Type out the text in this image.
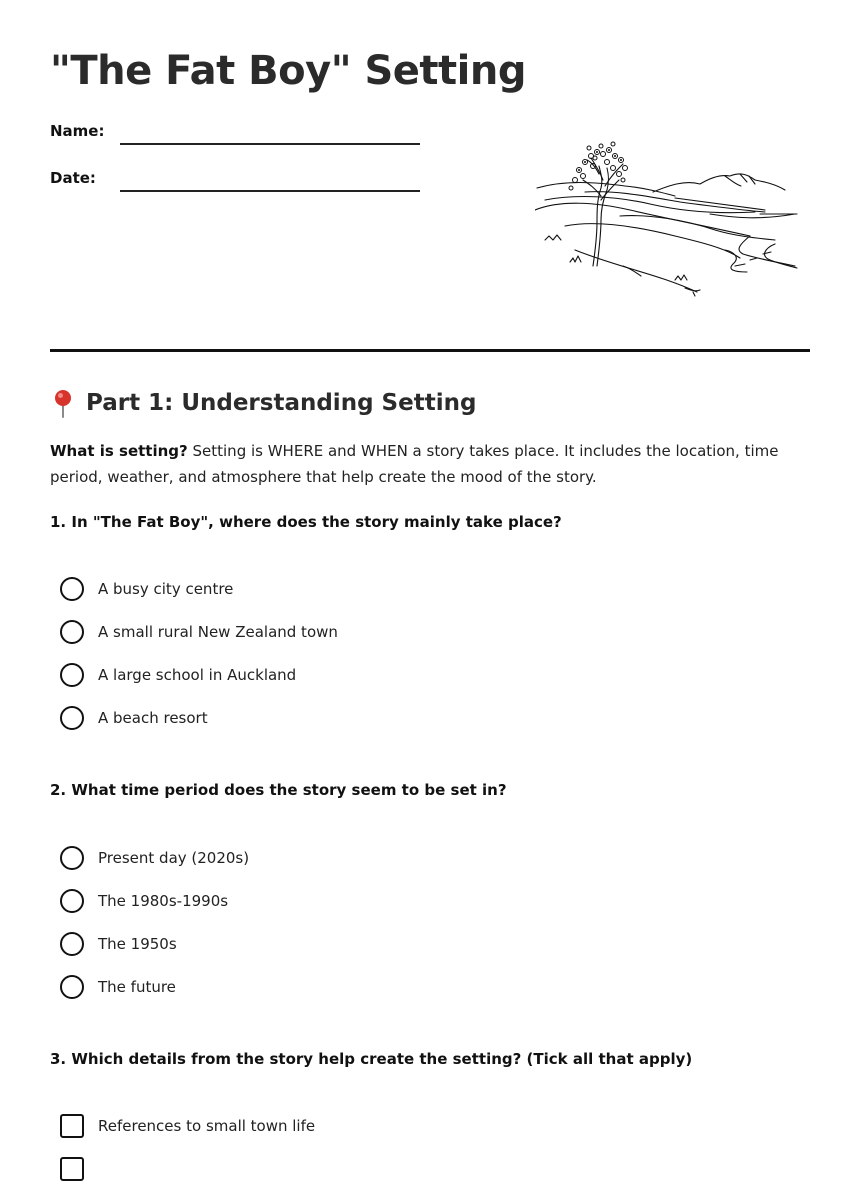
"The Fat Boy" Setting
Name:
Date:
Part 1: Understanding Setting

What is setting? Setting is WHERE and WHEN a story takes place. It includes the location, time period, weather, and atmosphere that help create the mood of the story.

1. In "The Fat Boy", where does the story mainly take place?

A busy city centre
A small rural New Zealand town
A large school in Auckland
A beach resort

2. What time period does the story seem to be set in?

Present day (2020s)
The 1980s-1990s
The 1950s
The future

3. Which details from the story help create the setting? (Tick all that apply)

References to small town life
